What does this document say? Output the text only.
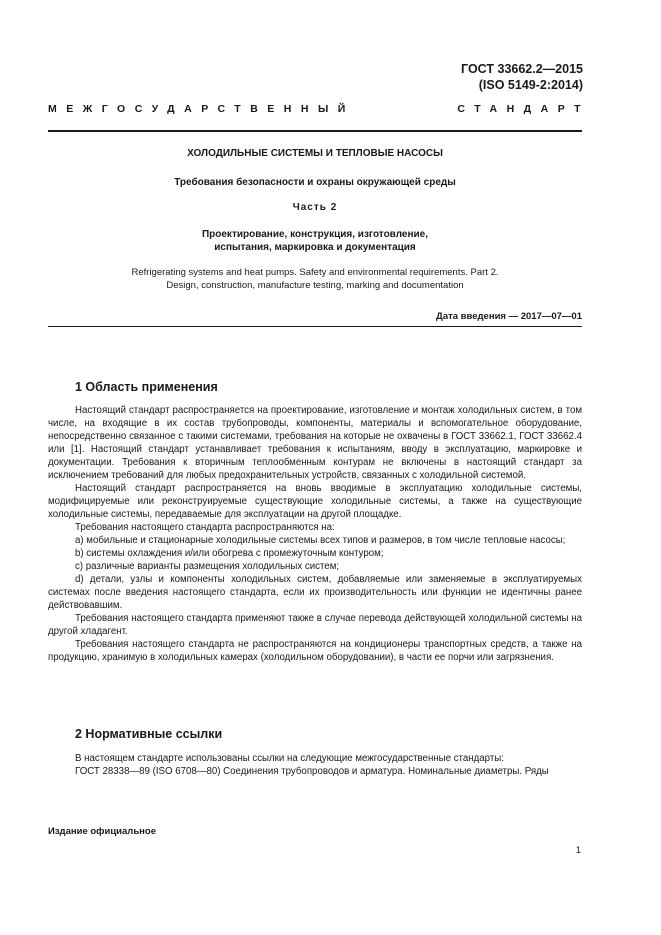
ГОСТ 33662.2—2015
(ISO 5149-2:2014)
МЕЖГОСУДАРСТВЕННЫЙ	СТАНДАРТ
ХОЛОДИЛЬНЫЕ СИСТЕМЫ И ТЕПЛОВЫЕ НАСОСЫ
Требования безопасности и охраны окружающей среды
Часть 2
Проектирование, конструкция, изготовление,
испытания, маркировка и документация
Refrigerating systems and heat pumps. Safety and environmental requirements. Part 2.
Design, construction, manufacture testing, marking and documentation
Дата введения — 2017—07—01
1 Область применения

Настоящий стандарт распространяется на проектирование, изготовление и монтаж холодильных систем, в том числе, на входящие в их состав трубопроводы, компоненты, материалы и вспомогательное оборудование, непосредственно связанное с такими системами, требования на которые не охвачены в ГОСТ 33662.1, ГОСТ 33662.4 или [1]. Настоящий стандарт устанавливает требования к испытаниям, вводу в эксплуатацию, маркировке и документации. Требования к вторичным теплообменным контурам не включены в настоящий стандарт за исключением требований для любых предохранительных устройств, связанных с холодильной системой.

Настоящий стандарт распространяется на вновь вводимые в эксплуатацию холодильные системы, модифицируемые или реконструируемые существующие холодильные системы, а также на существующие холодильные системы, передаваемые для эксплуатации на другой площадке.

Требования настоящего стандарта распространяются на:

a) мобильные и стационарные холодильные системы всех типов и размеров, в том числе тепловые насосы;

b) системы охлаждения и/или обогрева с промежуточным контуром;

c) различные варианты размещения холодильных систем;

d) детали, узлы и компоненты холодильных систем, добавляемые или заменяемые в эксплуатируемых системах после введения настоящего стандарта, если их производительность или функции не идентичны ранее действовавшим.

Требования настоящего стандарта применяют также в случае перевода действующей холодильной системы на другой хладагент.

Требования настоящего стандарта не распространяются на кондиционеры транспортных средств, а также на продукцию, хранимую в холодильных камерах (холодильном оборудовании), в части ее порчи или загрязнения.

2 Нормативные ссылки

В настоящем стандарте использованы ссылки на следующие межгосударственные стандарты:

ГОСТ 28338—89 (ISO 6708—80) Соединения трубопроводов и арматура. Номинальные диаметры. Ряды

Издание официальное
1
